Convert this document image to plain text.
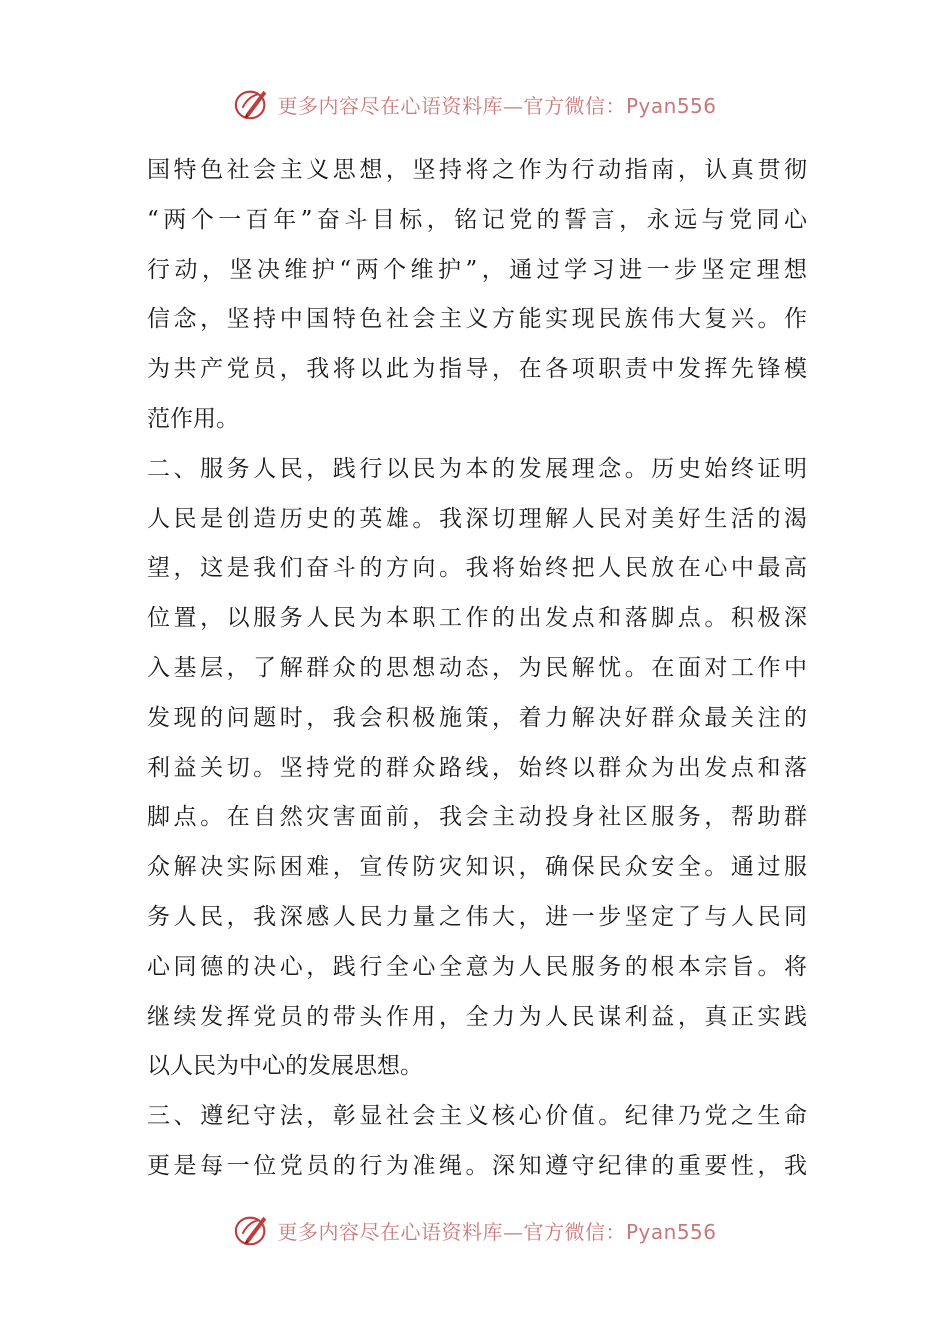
更多内容尽在心语资料库—官方微信：Pyan556
国特色社会主义思想，坚持将之作为行动指南，认真贯彻
“两个一百年”奋斗目标，铭记党的誓言，永远与党同心
行动，坚决维护“两个维护”，通过学习进一步坚定理想
信念，坚持中国特色社会主义方能实现民族伟大复兴。作
为共产党员，我将以此为指导，在各项职责中发挥先锋模
范作用。
二、服务人民，践行以民为本的发展理念。历史始终证明
人民是创造历史的英雄。我深切理解人民对美好生活的渴
望，这是我们奋斗的方向。我将始终把人民放在心中最高
位置，以服务人民为本职工作的出发点和落脚点。积极深
入基层，了解群众的思想动态，为民解忧。在面对工作中
发现的问题时，我会积极施策，着力解决好群众最关注的
利益关切。坚持党的群众路线，始终以群众为出发点和落
脚点。在自然灾害面前，我会主动投身社区服务，帮助群
众解决实际困难，宣传防灾知识，确保民众安全。通过服
务人民，我深感人民力量之伟大，进一步坚定了与人民同
心同德的决心，践行全心全意为人民服务的根本宗旨。将
继续发挥党员的带头作用，全力为人民谋利益，真正实践
以人民为中心的发展思想。
三、遵纪守法，彰显社会主义核心价值。纪律乃党之生命
更是每一位党员的行为准绳。深知遵守纪律的重要性，我
更多内容尽在心语资料库—官方微信：Pyan556
